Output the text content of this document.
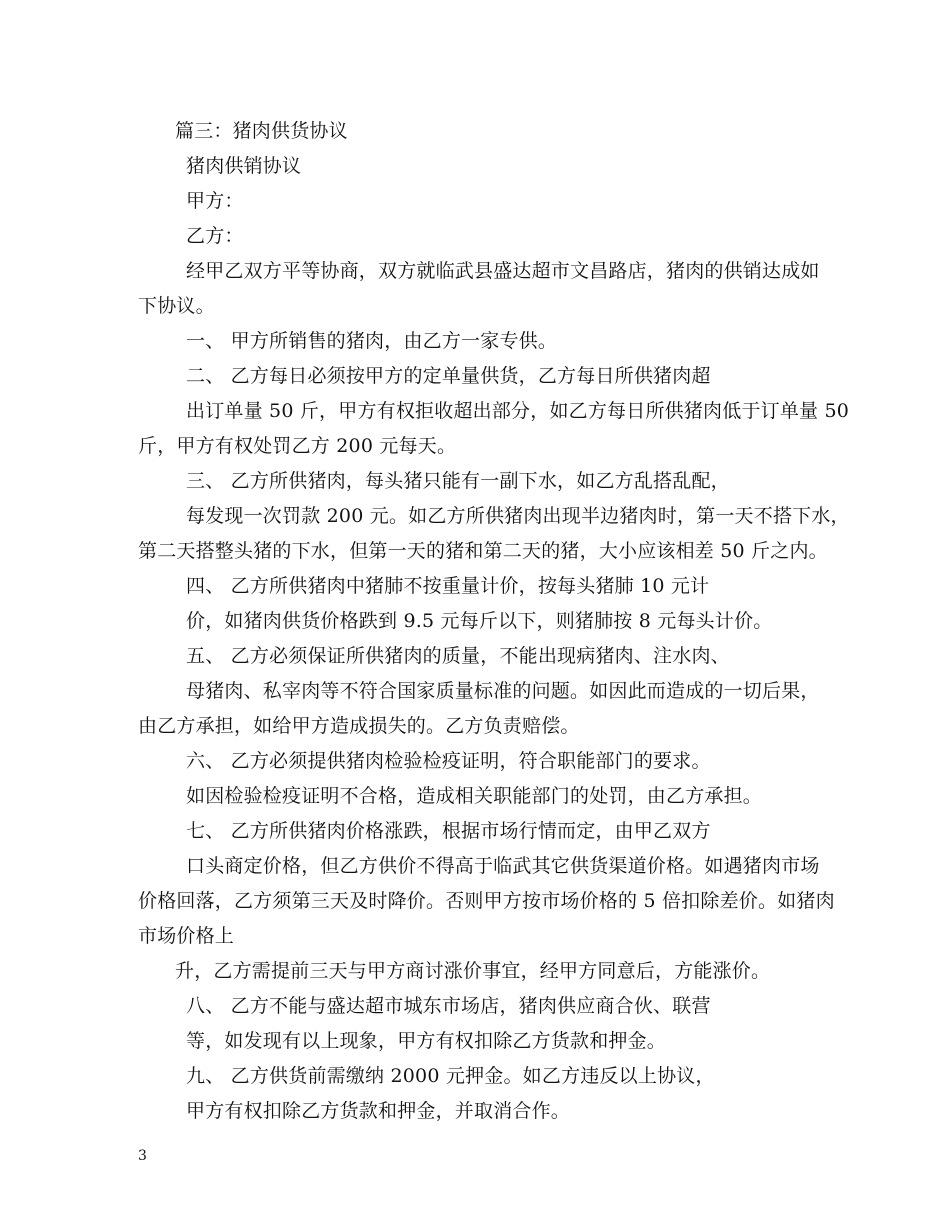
篇三：猪肉供货协议
猪肉供销协议
甲方：
乙方：
经甲乙双方平等协商，双方就临武县盛达超市文昌路店，猪肉的供销达成如
下协议。
一、 甲方所销售的猪肉，由乙方一家专供。
二、 乙方每日必须按甲方的定单量供货，乙方每日所供猪肉超
出订单量 50 斤，甲方有权拒收超出部分，如乙方每日所供猪肉低于订单量 50
斤，甲方有权处罚乙方 200 元每天。
三、 乙方所供猪肉，每头猪只能有一副下水，如乙方乱搭乱配，
每发现一次罚款 200 元。如乙方所供猪肉出现半边猪肉时，第一天不搭下水，
第二天搭整头猪的下水，但第一天的猪和第二天的猪，大小应该相差 50 斤之内。
四、 乙方所供猪肉中猪肺不按重量计价，按每头猪肺 10 元计
价，如猪肉供货价格跌到 9.5 元每斤以下，则猪肺按 8 元每头计价。
五、 乙方必须保证所供猪肉的质量，不能出现病猪肉、注水肉、
母猪肉、私宰肉等不符合国家质量标准的问题。如因此而造成的一切后果，
由乙方承担，如给甲方造成损失的。乙方负责赔偿。
六、 乙方必须提供猪肉检验检疫证明，符合职能部门的要求。
如因检验检疫证明不合格，造成相关职能部门的处罚，由乙方承担。
七、 乙方所供猪肉价格涨跌，根据市场行情而定，由甲乙双方
口头商定价格，但乙方供价不得高于临武其它供货渠道价格。如遇猪肉市场
价格回落，乙方须第三天及时降价。否则甲方按市场价格的 5 倍扣除差价。如猪肉
市场价格上
升，乙方需提前三天与甲方商讨涨价事宜，经甲方同意后，方能涨价。
八、 乙方不能与盛达超市城东市场店，猪肉供应商合伙、联营
等，如发现有以上现象，甲方有权扣除乙方货款和押金。
九、 乙方供货前需缴纳 2000 元押金。如乙方违反以上协议，
甲方有权扣除乙方货款和押金，并取消合作。
3
